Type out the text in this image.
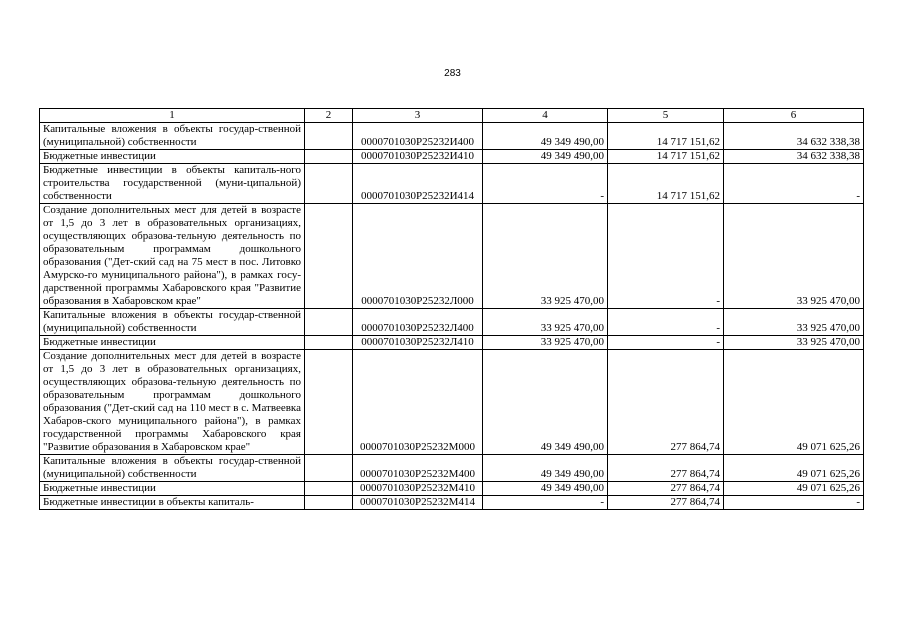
283
1	2	3	4	5	6
Капитальные вложения в объекты государ-ственной (муниципальной) собственности		0000701030P25232И400	49 349 490,00	14 717 151,62	34 632 338,38
Бюджетные инвестиции		0000701030P25232И410	49 349 490,00	14 717 151,62	34 632 338,38
Бюджетные инвестиции в объекты капиталь-ного строительства государственной (муни-ципальной) собственности		0000701030P25232И414	-	14 717 151,62	-
Создание дополнительных мест для детей в возрасте от 1,5 до 3 лет в образовательных организациях, осуществляющих образова-тельную деятельность по образовательным программам дошкольного образования ("Дет-ский сад на 75 мест в пос. Литовко Амурско-го муниципального района"), в рамках госу-дарственной программы Хабаровского края "Развитие образования в Хабаровском крае"		0000701030P25232Л000	33 925 470,00	-	33 925 470,00
Капитальные вложения в объекты государ-ственной (муниципальной) собственности		0000701030P25232Л400	33 925 470,00	-	33 925 470,00
Бюджетные инвестиции		0000701030P25232Л410	33 925 470,00	-	33 925 470,00
Создание дополнительных мест для детей в возрасте от 1,5 до 3 лет в образовательных организациях, осуществляющих образова-тельную деятельность по образовательным программам дошкольного образования ("Дет-ский сад на 110 мест в с. Матвеевка Хабаров-ского муниципального района"), в рамках государственной программы Хабаровского края "Развитие образования в Хабаровском крае"		0000701030P25232M000	49 349 490,00	277 864,74	49 071 625,26
Капитальные вложения в объекты государ-ственной (муниципальной) собственности		0000701030P25232M400	49 349 490,00	277 864,74	49 071 625,26
Бюджетные инвестиции		0000701030P25232M410	49 349 490,00	277 864,74	49 071 625,26
Бюджетные инвестиции в объекты капиталь-		0000701030P25232M414	-	277 864,74	-
